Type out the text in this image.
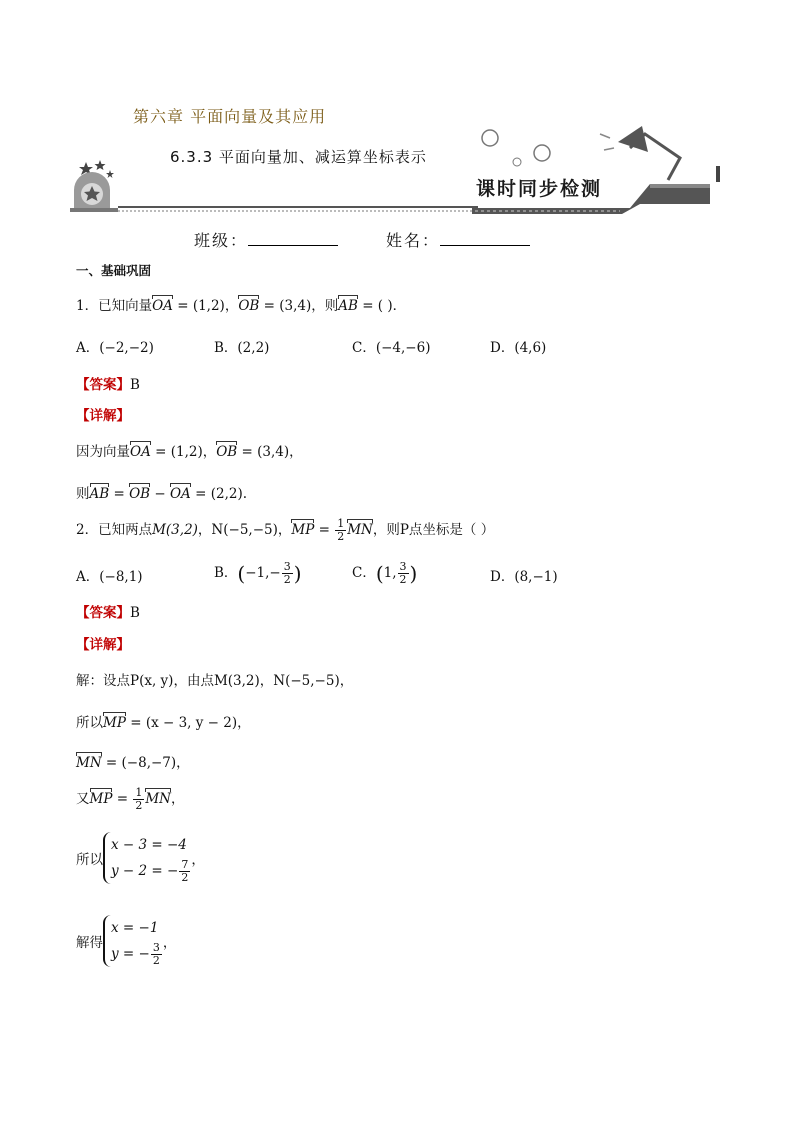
第六章 平面向量及其应用
6.3.3 平面向量加、减运算坐标表示
课时同步检测
班级：	姓名：
一、基础巩固
1．已知向量OA = (1,2)，OB = (3,4)，则AB = ( )．
A．(−2,−2)	B．(2,2)	C．(−4,−6)	D．(4,6)
【答案】B
【详解】
因为向量OA = (1,2)，OB = (3,4)，
则AB = OB − OA = (2,2).
2．已知两点M(3,2)，N(−5,−5)，MP = $\frac{1}{2}$ MN，则P点坐标是（ ）
A．(−8,1)	B．($-1,- \frac{3}{2}$ )	C．(1, $\frac{3}{2}$ )	D．(8,−1)
【答案】B
【详解】
解：设点P(x, y)，由点M(3,2)，N(−5,−5)，
所以MP = (x − 3, y − 2)，
MN = (−8,−7)，
又MP = $\frac{1}{2}$ MN，
所以
x − 3 = −4
y − 2 = − $\frac{7}{2}$ ，
解得
x = −1
y = − $\frac{3}{2}$ ，
